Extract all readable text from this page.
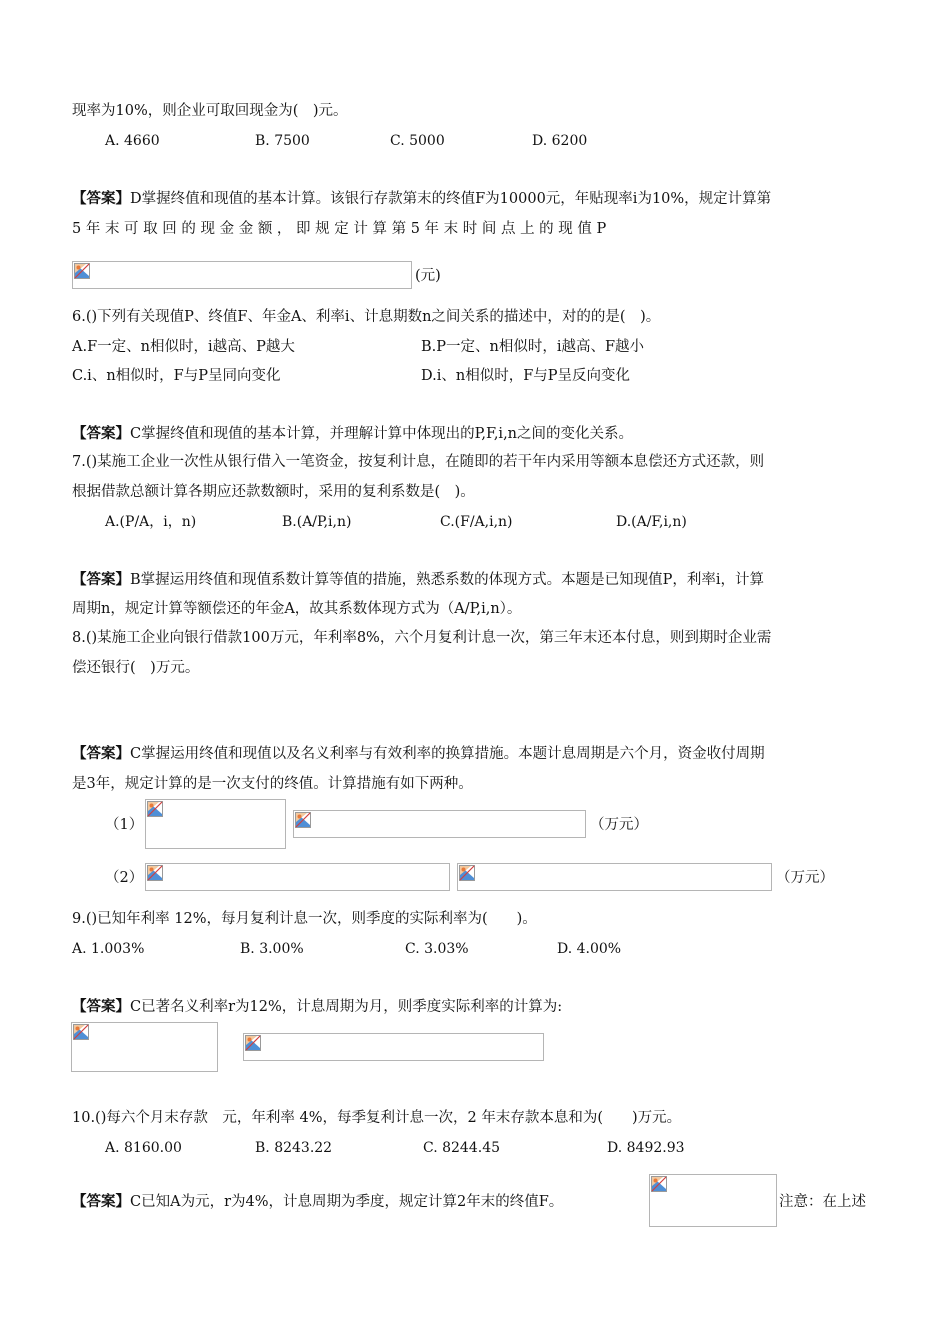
现率为10%，则企业可取回现金为(　)元。
A. 4660	B. 7500	C. 5000	D. 6200
【答案】D掌握终值和现值的基本计算。该银行存款第末的终值F为10000元，年贴现率i为10%，规定计算第
5 年 末 可 取 回 的 现 金 金 额 ， 即 规 定 计 算 第 5 年 末 时 间 点 上 的 现 值 P
(元)
6.()下列有关现值P、终值F、年金A、利率i、计息期数n之间关系的描述中，对的的是(　)。
A.F一定、n相似时，i越高、P越大	B.P一定、n相似时，i越高、F越小
C.i、n相似时，F与P呈同向变化	D.i、n相似时，F与P呈反向变化
【答案】C掌握终值和现值的基本计算，并理解计算中体现出的P,F,i,n之间的变化关系。
7.()某施工企业一次性从银行借入一笔资金，按复利计息，在随即的若干年内采用等额本息偿还方式还款，则
根据借款总额计算各期应还款数额时，采用的复利系数是(　)。
A.(P/A，i，n)	B.(A/P,i,n)	C.(F/A,i,n)	D.(A/F,i,n)
【答案】B掌握运用终值和现值系数计算等值的措施，熟悉系数的体现方式。本题是已知现值P，利率i，计算
周期n，规定计算等额偿还的年金A，故其系数体现方式为（A/P,i,n）。
8.()某施工企业向银行借款100万元，年利率8%，六个月复利计息一次，第三年末还本付息，则到期时企业需
偿还银行(　)万元。
【答案】C掌握运用终值和现值以及名义利率与有效利率的换算措施。本题计息周期是六个月，资金收付周期
是3年，规定计算的是一次支付的终值。计算措施有如下两种。
（1）	（万元）
（2）	（万元）
9.()已知年利率 12%，每月复利计息一次，则季度的实际利率为(　　)。
A. 1.003%	B. 3.00%	C. 3.03%	D. 4.00%
【答案】C已著名义利率r为12%，计息周期为月，则季度实际利率的计算为:
10.()每六个月末存款　元，年利率 4%，每季复利计息一次，2 年末存款本息和为(　　)万元。
A. 8160.00	B. 8243.22	C. 8244.45	D. 8492.93
【答案】C已知A为元，r为4%，计息周期为季度，规定计算2年末的终值F。	注意：在上述
